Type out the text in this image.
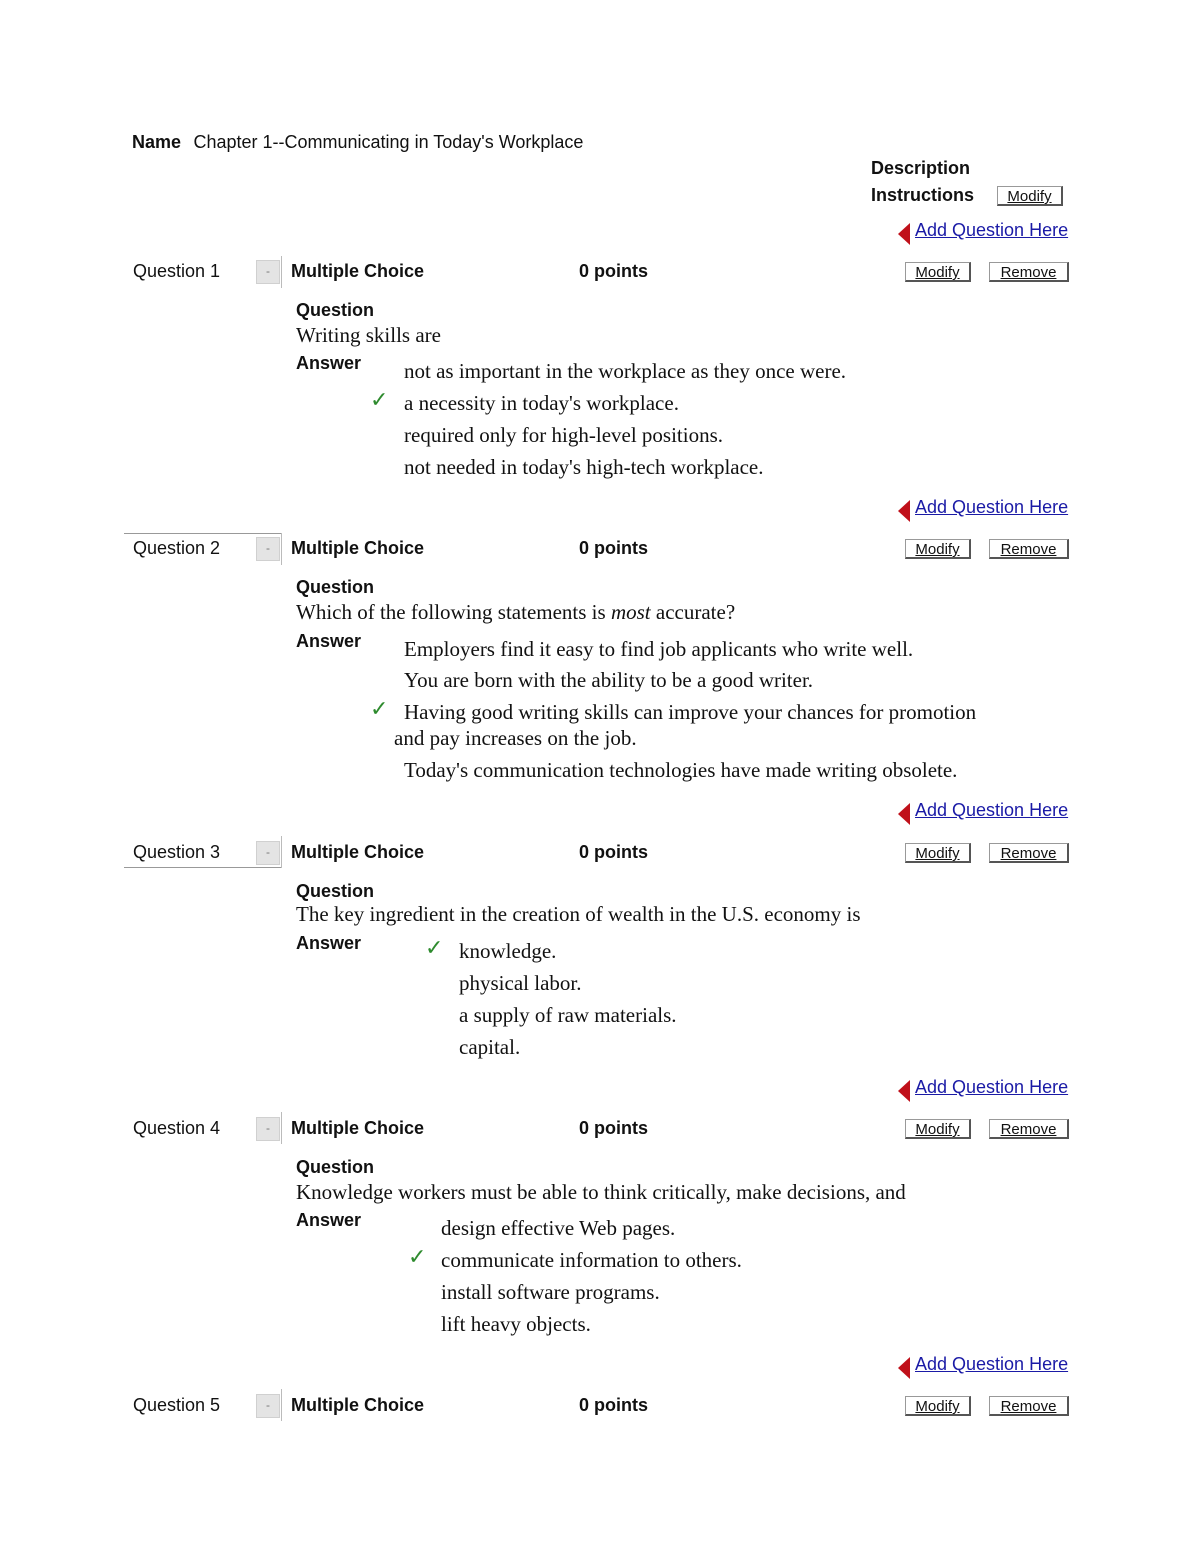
Name Chapter 1--Communicating in Today's Workplace
Description
Instructions	Modify
Add Question Here
Question 1	-	Multiple Choice	0 points	Modify	Remove
Question
Writing skills are
Answer not as important in the workplace as they once were.
✓ a necessity in today's workplace.
required only for high-level positions.
not needed in today's high-tech workplace.
Add Question Here
Question 2	-	Multiple Choice	0 points	Modify	Remove
Question
Which of the following statements is most accurate?
Answer Employers find it easy to find job applicants who write well.
You are born with the ability to be a good writer.
✓ Having good writing skills can improve your chances for promotion
and pay increases on the job.
Today's communication technologies have made writing obsolete.
Add Question Here
Question 3	-	Multiple Choice	0 points	Modify	Remove
Question
The key ingredient in the creation of wealth in the U.S. economy is
Answer	✓ knowledge.
physical labor.
a supply of raw materials.
capital.
Add Question Here
Question 4	-	Multiple Choice	0 points	Modify	Remove
Question
Knowledge workers must be able to think critically, make decisions, and
Answer	design effective Web pages.
✓ communicate information to others.
install software programs.
lift heavy objects.
Add Question Here
Question 5	-	Multiple Choice	0 points	Modify	Remove
